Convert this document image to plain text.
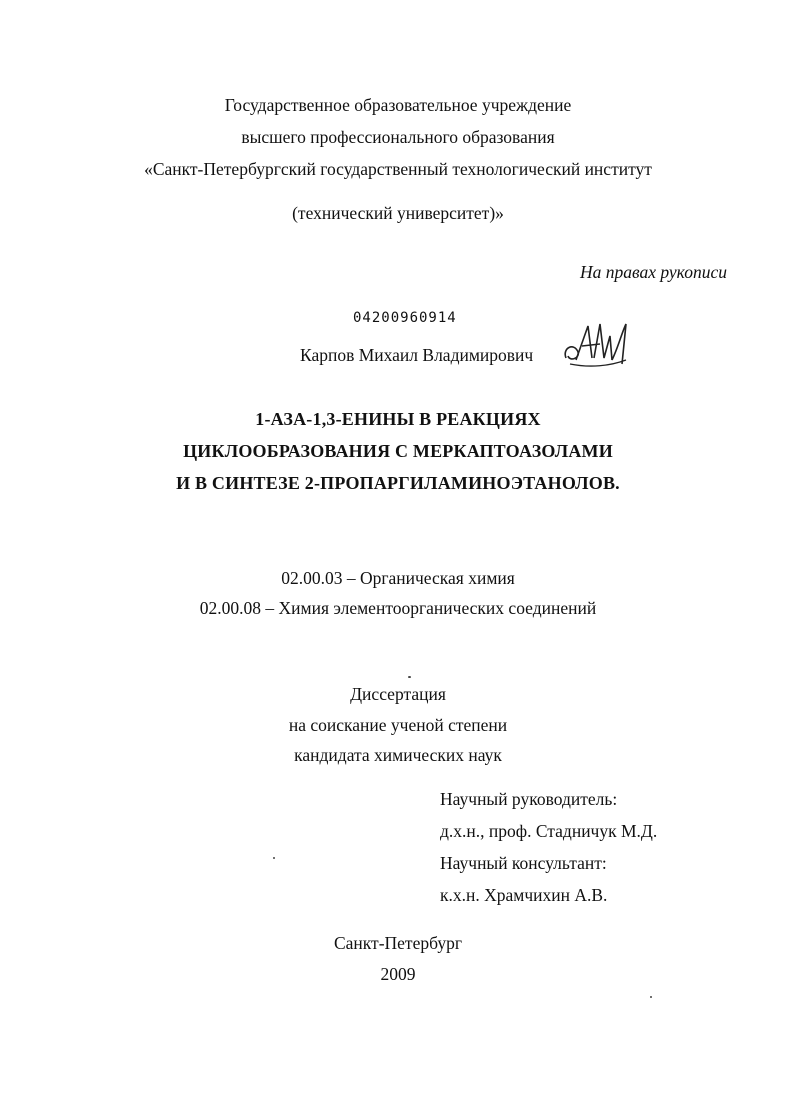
Государственное образовательное учреждение
высшего профессионального образования
«Санкт-Петербургский государственный технологический институт
(технический университет)»
На правах рукописи
04200960914
Карпов Михаил Владимирович
1-АЗА-1,3-ЕНИНЫ В РЕАКЦИЯХ
ЦИКЛООБРАЗОВАНИЯ С МЕРКАПТОАЗОЛАМИ
И В СИНТЕЗЕ 2-ПРОПАРГИЛАМИНОЭТАНОЛОВ.
02.00.03 – Органическая химия
02.00.08 – Химия элементоорганических соединений
Диссертация
на соискание ученой степени
кандидата химических наук
Научный руководитель:
д.х.н., проф. Стадничук М.Д.
Научный консультант:
к.х.н. Храмчихин А.В.
Санкт-Петербург
2009
